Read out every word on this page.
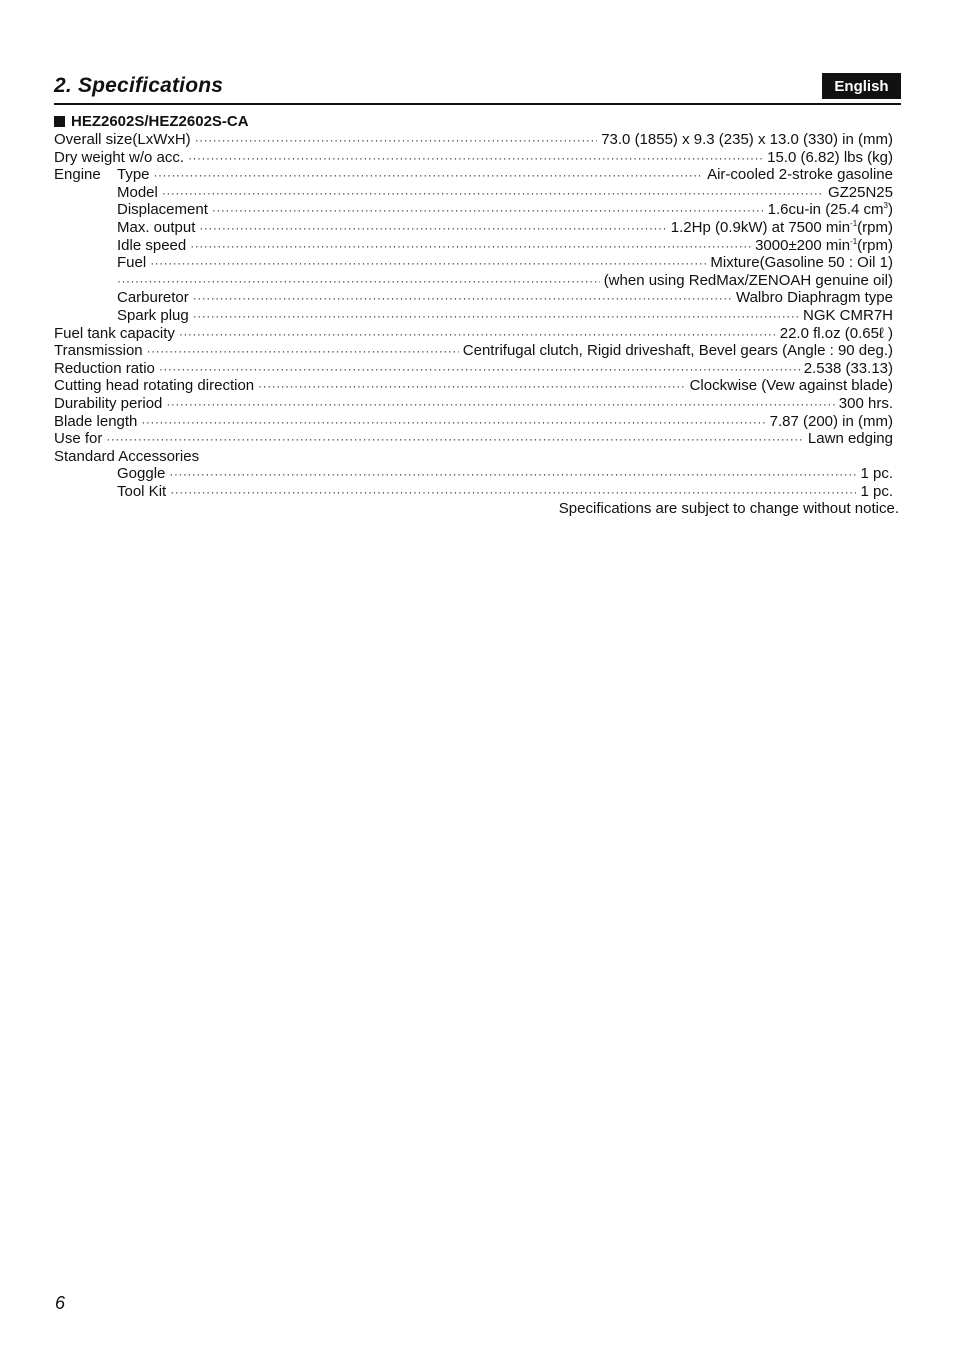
2. Specifications	English
HEZ2602S/HEZ2602S-CA
Overall size(LxWxH) ·····	73.0 (1855) x 9.3 (235) x 13.0 (330) in (mm)
Dry weight w/o acc. ·····	15.0 (6.82) lbs (kg)
Engine Type ·····	Air-cooled 2-stroke gasoline
Model ·····	GZ25N25
Displacement ·····	1.6cu-in (25.4 $cm^3$)
Max. output ·····	1.2Hp (0.9kW) at 7500 $\min^{-1}(rpm)$
Idle speed ·····	3000±200 $\min^{-1}(rpm)$
Fuel ·····	Mixture(Gasoline 50 : Oil 1)
·····
(when using RedMax/ZENOAH genuine oil)
Carburetor ·····	Walbro Diaphragm type
Spark plug ·····	NGK CMR7H
Fuel tank capacity ·····	22.0 fl.oz (0.65ℓ )
Transmission ·····	Centrifugal clutch, Rigid driveshaft, Bevel gears (Angle : 90 deg.)
Reduction ratio ·····	2.538 (33.13)
Cutting head rotating direction ·····	Clockwise (Vew against blade)
Durability period ·····	300 hrs.
Blade length ·····	7.87 (200) in (mm)
Use for ·····	Lawn edging
Standard Accessories
Goggle ·····	1 pc.
Tool Kit ·····	1 pc.
Specifications are subject to change without notice.
6
